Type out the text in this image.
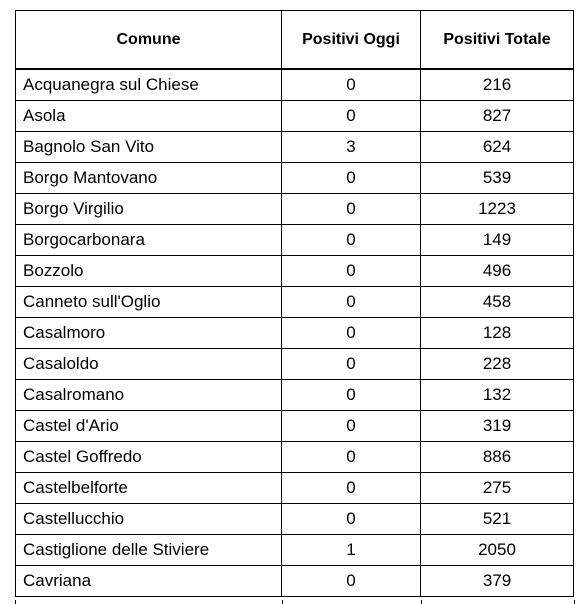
Comune	Positivi Oggi	Positivi Totale
Acquanegra sul Chiese	0	216
Asola	0	827
Bagnolo San Vito	3	624
Borgo Mantovano	0	539
Borgo Virgilio	0	1223
Borgocarbonara	0	149
Bozzolo	0	496
Canneto sull'Oglio	0	458
Casalmoro	0	128
Casaloldo	0	228
Casalromano	0	132
Castel d'Ario	0	319
Castel Goffredo	0	886
Castelbelforte	0	275
Castellucchio	0	521
Castiglione delle Stiviere	1	2050
Cavriana	0	379
